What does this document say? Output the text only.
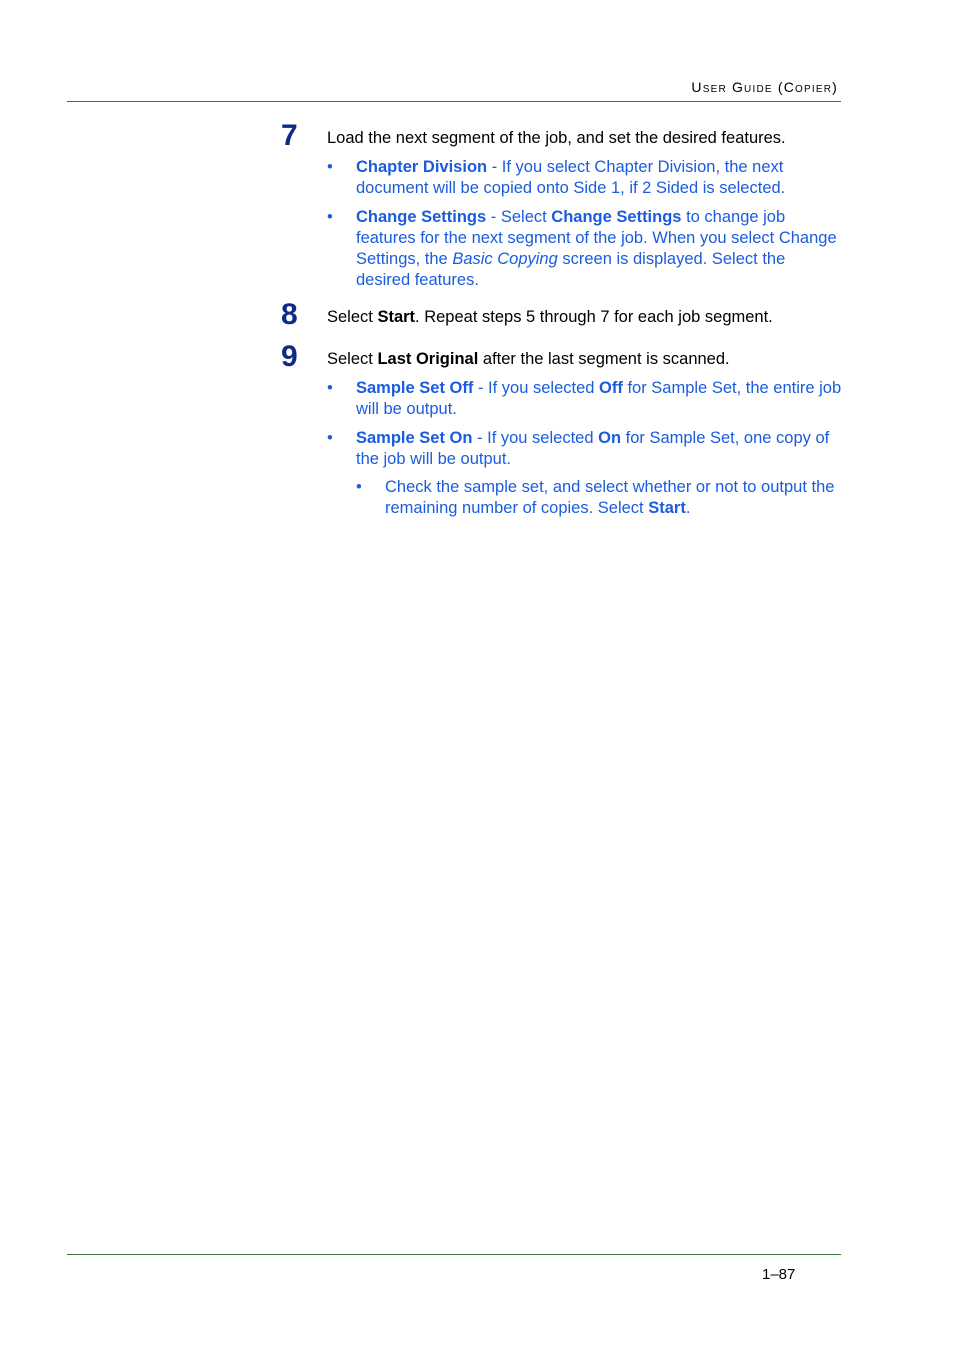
User Guide (Copier)
7 Load the next segment of the job, and set the desired features.
• Chapter Division - If you select Chapter Division, the next document will be copied onto Side 1, if 2 Sided is selected.
• Change Settings - Select Change Settings to change job features for the next segment of the job. When you select Change Settings, the Basic Copying screen is displayed. Select the desired features.
8 Select Start. Repeat steps 5 through 7 for each job segment.
9 Select Last Original after the last segment is scanned.
• Sample Set Off - If you selected Off for Sample Set, the entire job will be output.
• Sample Set On - If you selected On for Sample Set, one copy of the job will be output.
• Check the sample set, and select whether or not to output the remaining number of copies. Select Start.
1–87
